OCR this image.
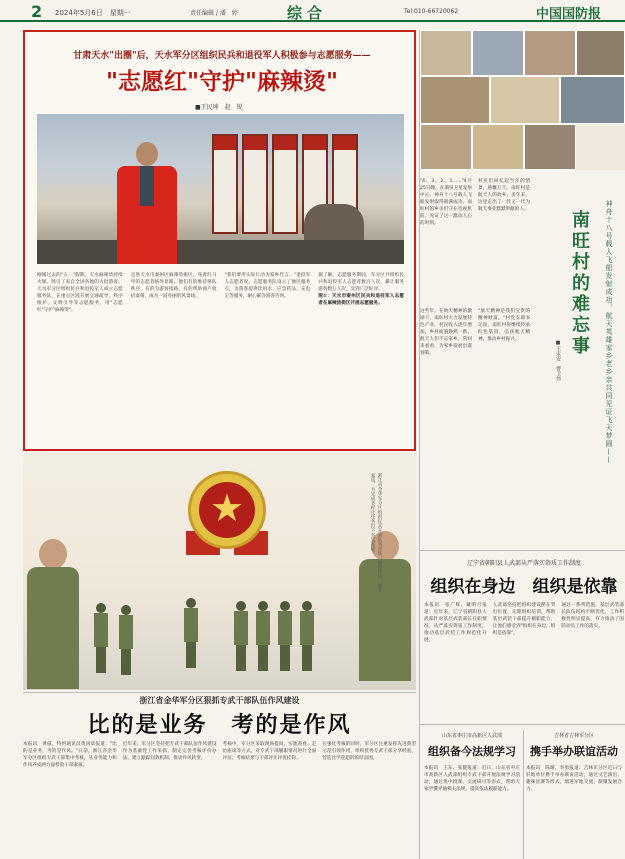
2 2024年5月6日　星期一	责任编辑 / 潘　婷	综合	Tel:010-66720062	中国国防报
甘肃天水"出圈"后，天水军分区组织民兵和退役军人积极参与志愿服务——
"志愿红"守护"麻辣烫"
■王民坤　赵　锐
刚刚过去的"五一"假期，天水麻辣烫持续火爆，吸引了来自全国各地的大批游客。天水军分区组织民兵和退役军人成立志愿服务队，在重点区域开展交通疏导、秩序维护、文明引导等志愿服务，用"志愿红"守护"麻辣烫"。
走进天水市秦州区麻辣烫街区，身着红马甲的志愿者格外显眼。他们有的维持排队秩序，有的为游客指路，有的帮助商户收拾桌椅，成为一道亮丽的风景线。
"我们要用实际行动为家乡代言。"退役军人志愿者说。志愿服务队设立了便民服务点，为游客提供饮用水、应急药品、充电宝等服务，耐心解答游客咨询。
据了解，志愿服务期间，军分区共组织民兵和退役军人志愿者数百人次，累计服务游客数万人次，受到广泛好评。
图①：天水市秦州区民兵和退役军人志愿者在麻辣烫街区开展志愿服务。
"4、3、2、1……"4月25日晚，在酒泉卫星发射中心，神舟十八号载人飞船发射取得圆满成功。南旺村的乡亲们守在电视机前，见证了这一激动人心的时刻。
村民们回忆起当年的情景，感慨万千。南旺村是航天人的故乡，多年来，这里走出了一代又一代为航天事业默默奉献的人。
这些年，在航天精神的激励下，南旺村大力发展特色产业，村民收入逐年增加，乡村面貌焕然一新。航天人们不忘家乡，常回来看看，为家乡发展出谋划策。
"航天精神是我们宝贵的精神财富。"村党支部书记说，南旺村将继续传承红色基因，弘扬航天精神，推动乡村振兴。	神舟十八号载人飞船发射成功，航天英雄家乡老乡亲共同见证飞天梦圆——
南旺村的难忘事
■王永安　曹卫伟
★	浙江省金华军分区组织民兵开展队列训练，锤炼作风、提升素质，为完成多样化任务打下坚实基础。
浙江省金华军分区狠抓专武干部队伍作风建设
比的是业务　考的是作风
本报讯　黄威、特约通讯员黄国章报道："比的是业务，考的是作风。"日前，浙江省金华军分区组织专武干部集中考核，从业务能力和作风养成两方面检验干部素质。
近年来，军分区坚持把专武干部队伍作风建设作为基础性工作来抓，制定完善考核评价办法，建立跟踪问效机制，推动作风转变。
考核中，军分区采取现场提问、实地查看、走访座谈等方式，对专武干部履职情况进行全面评估，考核结果与干部评先评优挂钩。
在强化考核的同时，军分区注重发挥先进典型示范引领作用，组织优秀专武干部分享经验，营造比学赶超的浓厚氛围。
辽宁省朝阳县人武部从严落实资质工作制度
组织在身边　组织是依靠
本报讯　张广辉、戴明月报道：近年来，辽宁省朝阳县人武部针对基层武装部长任职情况，从严落实资质工作制度，推动基层武装工作规范化开展。
人武部坚持把组织建设摆在突出位置，定期组织培训，帮助基层武装干部提升履职能力，让他们感受到"组织在身边，组织是依靠"。
通过一系列措施，基层武装部长队伍结构不断优化，工作积极性明显提高，有力推动了国防动员工作的落实。
山东省枣庄市高新区人武部
组织备今法规学习
本报讯　王东、张健报道：近日，山东省枣庄市高新区人武部组织专武干部开展法规学习活动，通过集中授课、交流研讨等形式，帮助大家学懂弄通相关法规，提高依法履职能力。
吉林省吉林军分区
携手举办联谊活动
本报讯　陈晴、李勇报道：吉林军分区近日与驻地单位携手举办联谊活动，通过文艺演出、趣味比赛等形式，增进军地交流，凝聚发展合力。
